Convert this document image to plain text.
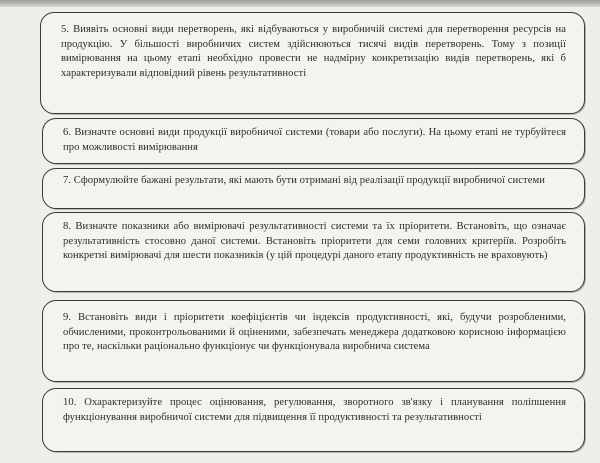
5. Виявіть основні види перетворень, які відбуваються у виробничій системі для перетворення ресурсів на продукцію. У більшості виробничих систем здійснюються тисячі видів перетворень. Тому з позиції вимірювання на цьому етапі необхідно провести не надмірну конкретизацію видів перетворень, які б характеризували відповідний рівень результативності

6. Визначте основні види продукції виробничої системи (товари або послуги). На цьому етапі не турбуйтеся про можливості вимірювання

7. Сформулюйте бажані результати, які мають бути отримані від реалізації продукції виробничої системи

8. Визначте показники або вимірювачі результативності системи та їх пріоритети. Встановіть, що означає результативність стосовно даної системи. Встановіть пріоритети для семи головних критеріїв. Розробіть конкретні вимірювачі для шести показників (у цій процедурі даного етапу продуктивність не враховують)

9. Встановіть види і пріоритети коефіцієнтів чи індексів продуктивності, які, будучи розробленими, обчисленими, проконтрольованими й оціненими, забезпечать менеджера додатковою корисною інформацією про те, наскільки раціонально функціонує чи функціонувала виробнича система

10. Охарактеризуйте процес оцінювання, регулювання, зворотного зв'язку і планування поліпшення функціонування виробничої системи для підвищення її продуктивності та результативності
